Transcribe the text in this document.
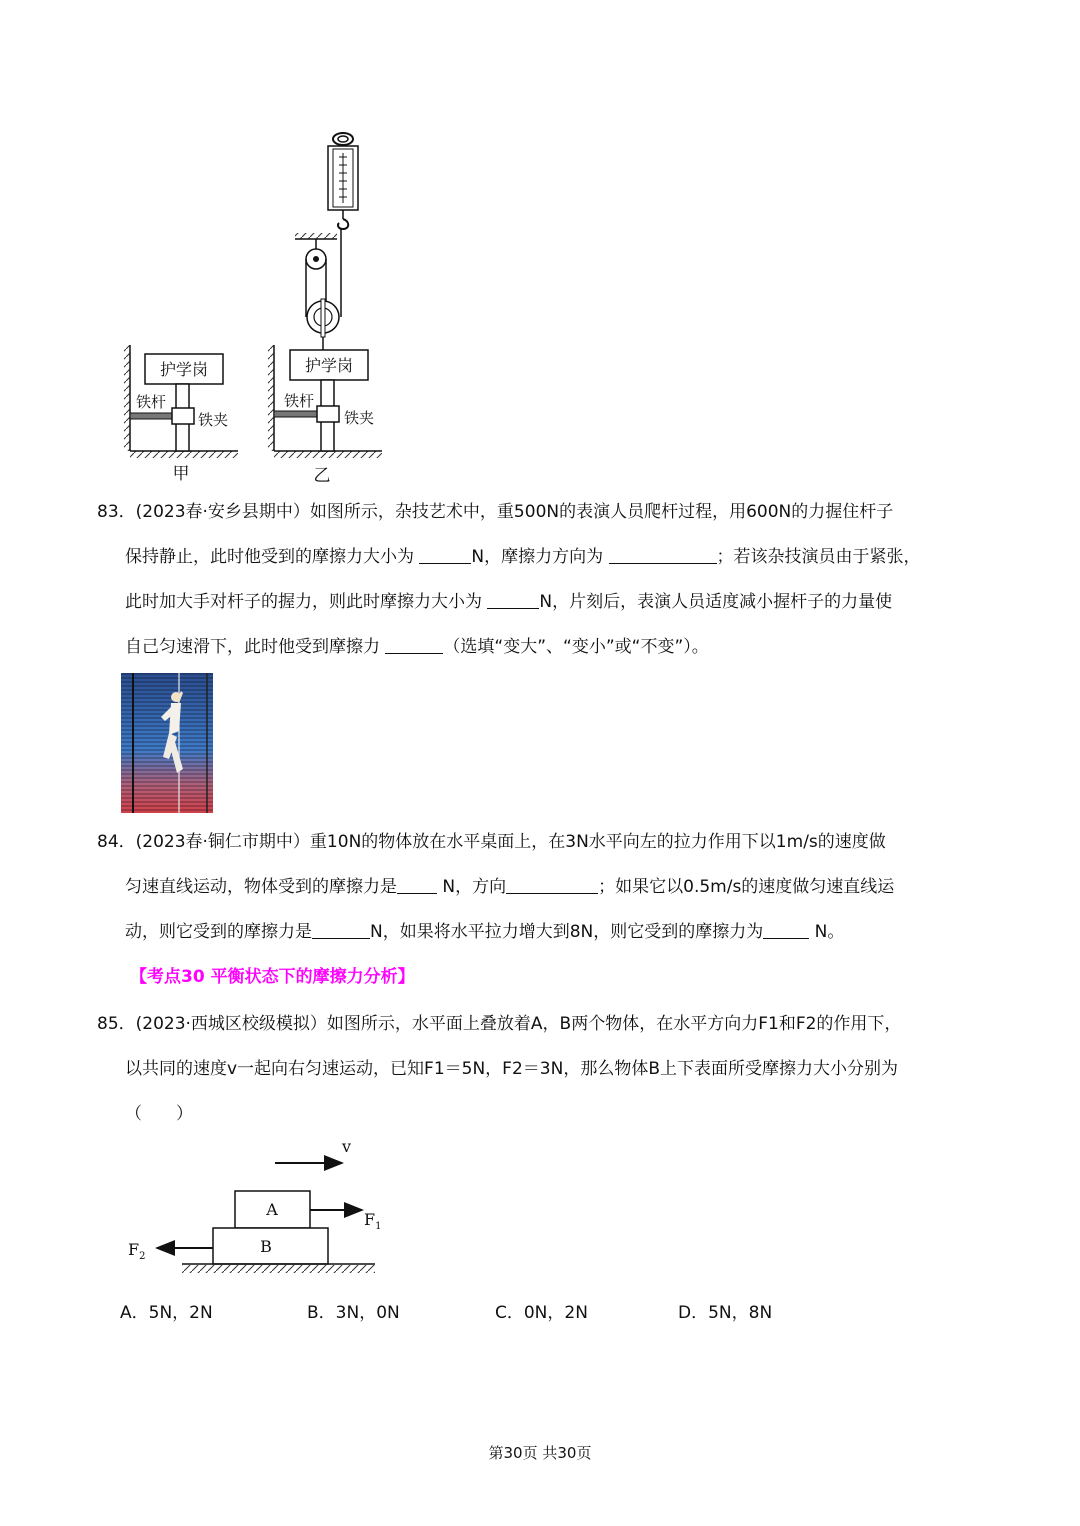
护学岗
铁杆
铁夹
甲
护学岗
铁杆
铁夹
乙

83．(2023春·安乡县期中）如图所示，杂技艺术中，重500N的表演人员爬杆过程，用600N的力握住杆子

保持静止，此时他受到的摩擦力大小为	N，摩擦力方向为	；若该杂技演员由于紧张，

此时加大手对杆子的握力，则此时摩擦力大小为	N，片刻后，表演人员适度减小握杆子的力量使

自己匀速滑下，此时他受到摩擦力	（选填“变大”、“变小”或“不变”）。

84．(2023春·铜仁市期中）重10N的物体放在水平桌面上，在3N水平向左的拉力作用下以1m/s的速度做

匀速直线运动，物体受到的摩擦力是 N，方向	；如果它以0.5m/s的速度做匀速直线运

动，则它受到的摩擦力是	N，如果将水平拉力增大到8N，则它受到的摩擦力为	N。

【考点30 平衡状态下的摩擦力分析】

85．(2023·西城区校级模拟）如图所示，水平面上叠放着A，B两个物体，在水平方向力F1和F2的作用下，

以共同的速度v一起向右匀速运动，已知F1＝5N，F2＝3N，那么物体B上下表面所受摩擦力大小分别为

（　　）

v
A
$F_1$
B
$F_2$
A．5N，2N	B．3N，0N	C．0N，2N	D．5N，8N
第30页 共30页
